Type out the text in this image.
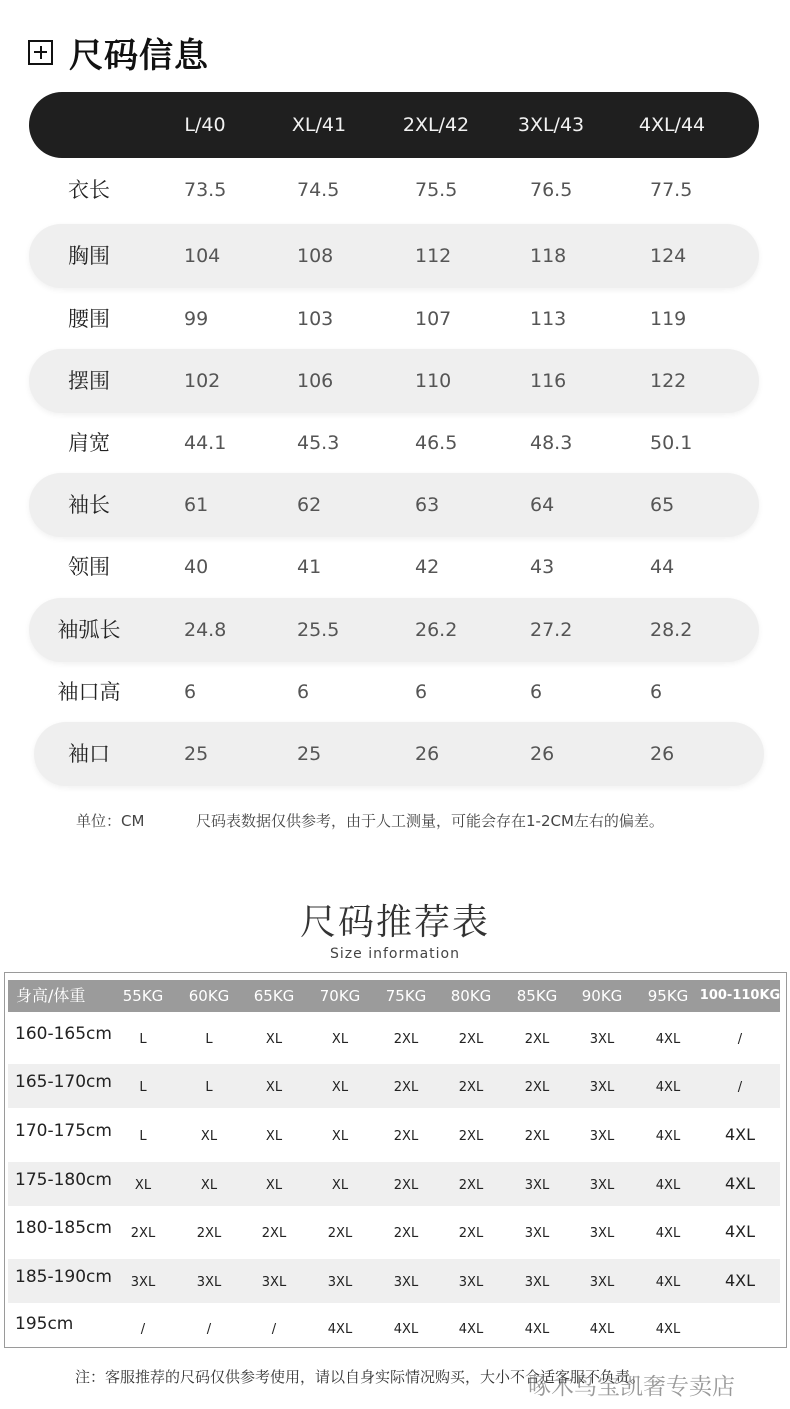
尺码信息
L/40	XL/41	2XL/42	3XL/43	4XL/44
衣长	73.5	74.5	75.5	76.5	77.5
胸围	104	108	112	118	124
腰围	99	103	107	113	119
摆围	102	106	110	116	122
肩宽	44.1	45.3	46.5	48.3	50.1
袖长	61	62	63	64	65
领围	40	41	42	43	44
袖弧长	24.8	25.5	26.2	27.2	28.2
袖口高	6	6	6	6	6
袖口	25	25	26	26	26
单位：CM	尺码表数据仅供参考，由于人工测量，可能会存在1-2CM左右的偏差。
尺码推荐表
Size information
身高/体重 55KG 60KG 65KG 70KG 75KG 80KG 85KG 90KG 95KG 100-110KG
160-165cm L	L	XL	XL	2XL	2XL	2XL	3XL	4XL	/
165-170cm L	L	XL	XL	2XL	2XL	2XL	3XL	4XL	/
170-175cm L	XL	XL	XL	2XL	2XL	2XL	3XL	4XL	4XL
175-180cm XL	XL	XL	XL	2XL	2XL	3XL	3XL	4XL	4XL
180-185cm 2XL	2XL	2XL	2XL	2XL	2XL	3XL	3XL	4XL	4XL
185-190cm 3XL	3XL	3XL	3XL	3XL	3XL	3XL	3XL	4XL	4XL
195cm	/	/	/	4XL	4XL	4XL	4XL	4XL	4XL
注：客服推荐的尺码仅供参考使用，请以自身实际情况购买，大小不合适客服不负责。
啄木鸟宝凯奢专卖店
